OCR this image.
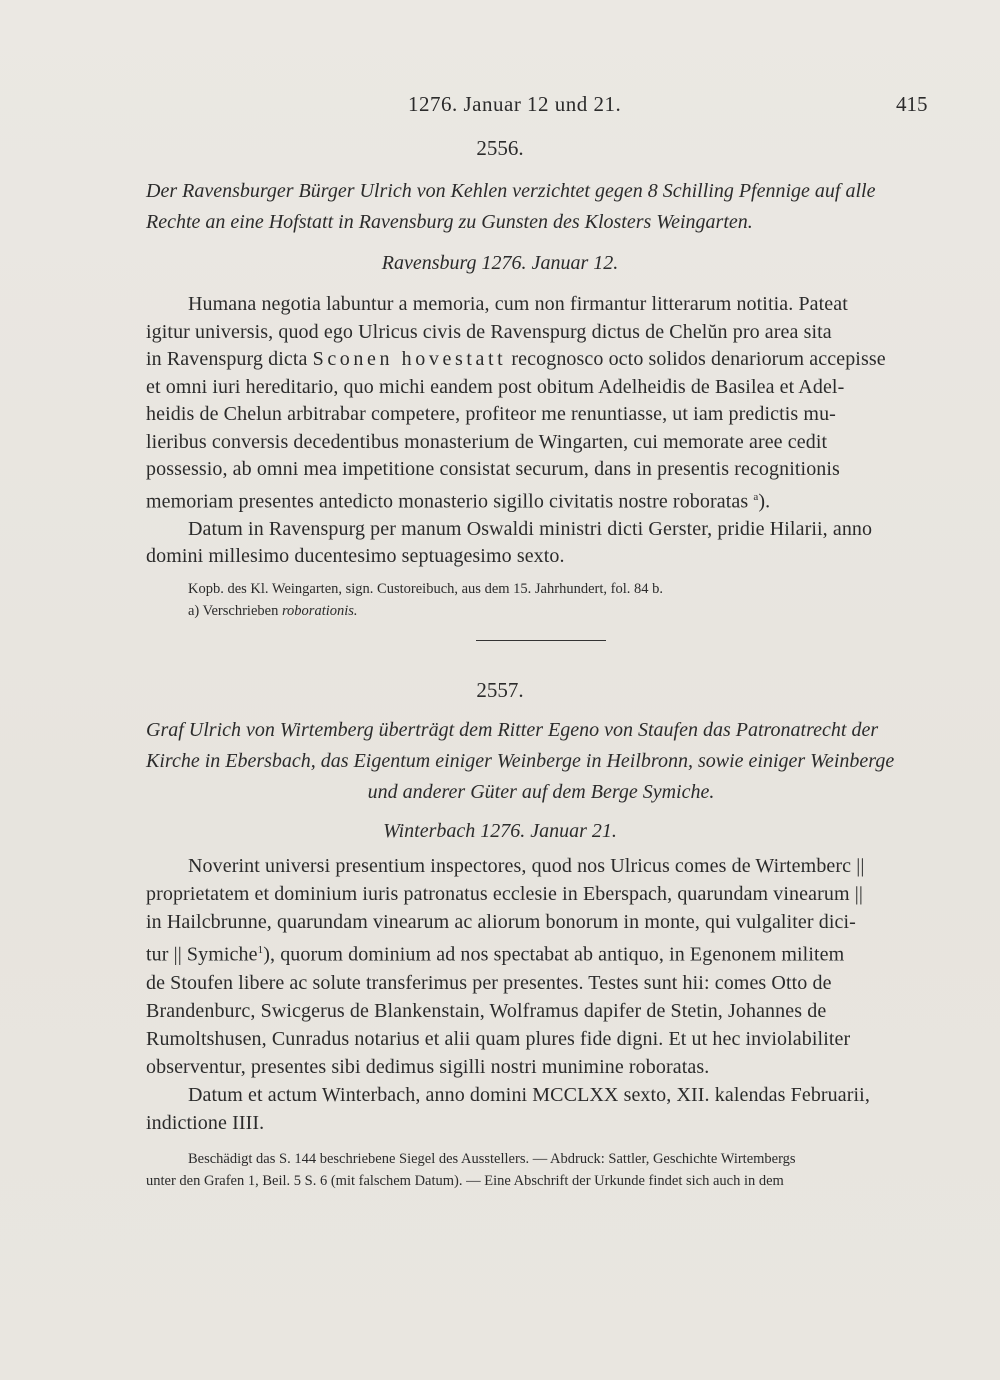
1276. Januar 12 und 21.	415
2556.
Der Ravensburger Bürger Ulrich von Kehlen verzichtet gegen 8 Schilling Pfennige auf alle
Rechte an eine Hofstatt in Ravensburg zu Gunsten des Klosters Weingarten.
Ravensburg 1276. Januar 12.
Humana negotia labuntur a memoria, cum non firmantur litterarum notitia. Pateat
igitur universis, quod ego Ulricus civis de Ravenspurg dictus de Chelŭn pro area sita
in Ravenspurg dicta Sconen hovestatt recognosco octo solidos denariorum accepisse
et omni iuri hereditario, quo michi eandem post obitum Adelheidis de Basilea et Adel-
heidis de Chelun arbitrabar competere, profiteor me renuntiasse, ut iam predictis mu-
lieribus conversis decedentibus monasterium de Wingarten, cui memorate aree cedit
possessio, ab omni mea impetitione consistat securum, dans in presentis recognitionis
memoriam presentes antedicto monasterio sigillo civitatis nostre roboratas $^a$).
Datum in Ravenspurg per manum Oswaldi ministri dicti Gerster, pridie Hilarii, anno
domini millesimo ducentesimo septuagesimo sexto.
Kopb. des Kl. Weingarten, sign. Custoreibuch, aus dem 15. Jahrhundert, fol. 84 b.
a) Verschrieben roborationis.
2557.
Graf Ulrich von Wirtemberg überträgt dem Ritter Egeno von Staufen das Patronatrecht der
Kirche in Ebersbach, das Eigentum einiger Weinberge in Heilbronn, sowie einiger Weinberge
und anderer Güter auf dem Berge Symiche.
Winterbach 1276. Januar 21.
Noverint universi presentium inspectores, quod nos Ulricus comes de Wirtemberc ||
proprietatem et dominium iuris patronatus ecclesie in Eberspach, quarundam vinearum ||
in Hailcbrunne, quarundam vinearum ac aliorum bonorum in monte, qui vulgaliter dici-
tur || Symiche$^1$), quorum dominium ad nos spectabat ab antiquo, in Egenonem militem
de Stoufen libere ac solute transferimus per presentes. Testes sunt hii: comes Otto de
Brandenburc, Swicgerus de Blankenstain, Wolframus dapifer de Stetin, Johannes de
Rumoltshusen, Cunradus notarius et alii quam plures fide digni. Et ut hec inviolabiliter
observentur, presentes sibi dedimus sigilli nostri munimine roboratas.
Datum et actum Winterbach, anno domini MCCLXX sexto, XII. kalendas Februarii,
indictione IIII.
Beschädigt das S. 144 beschriebene Siegel des Ausstellers. — Abdruck: Sattler, Geschichte Wirtembergs
unter den Grafen 1, Beil. 5 S. 6 (mit falschem Datum). — Eine Abschrift der Urkunde findet sich auch in dem
